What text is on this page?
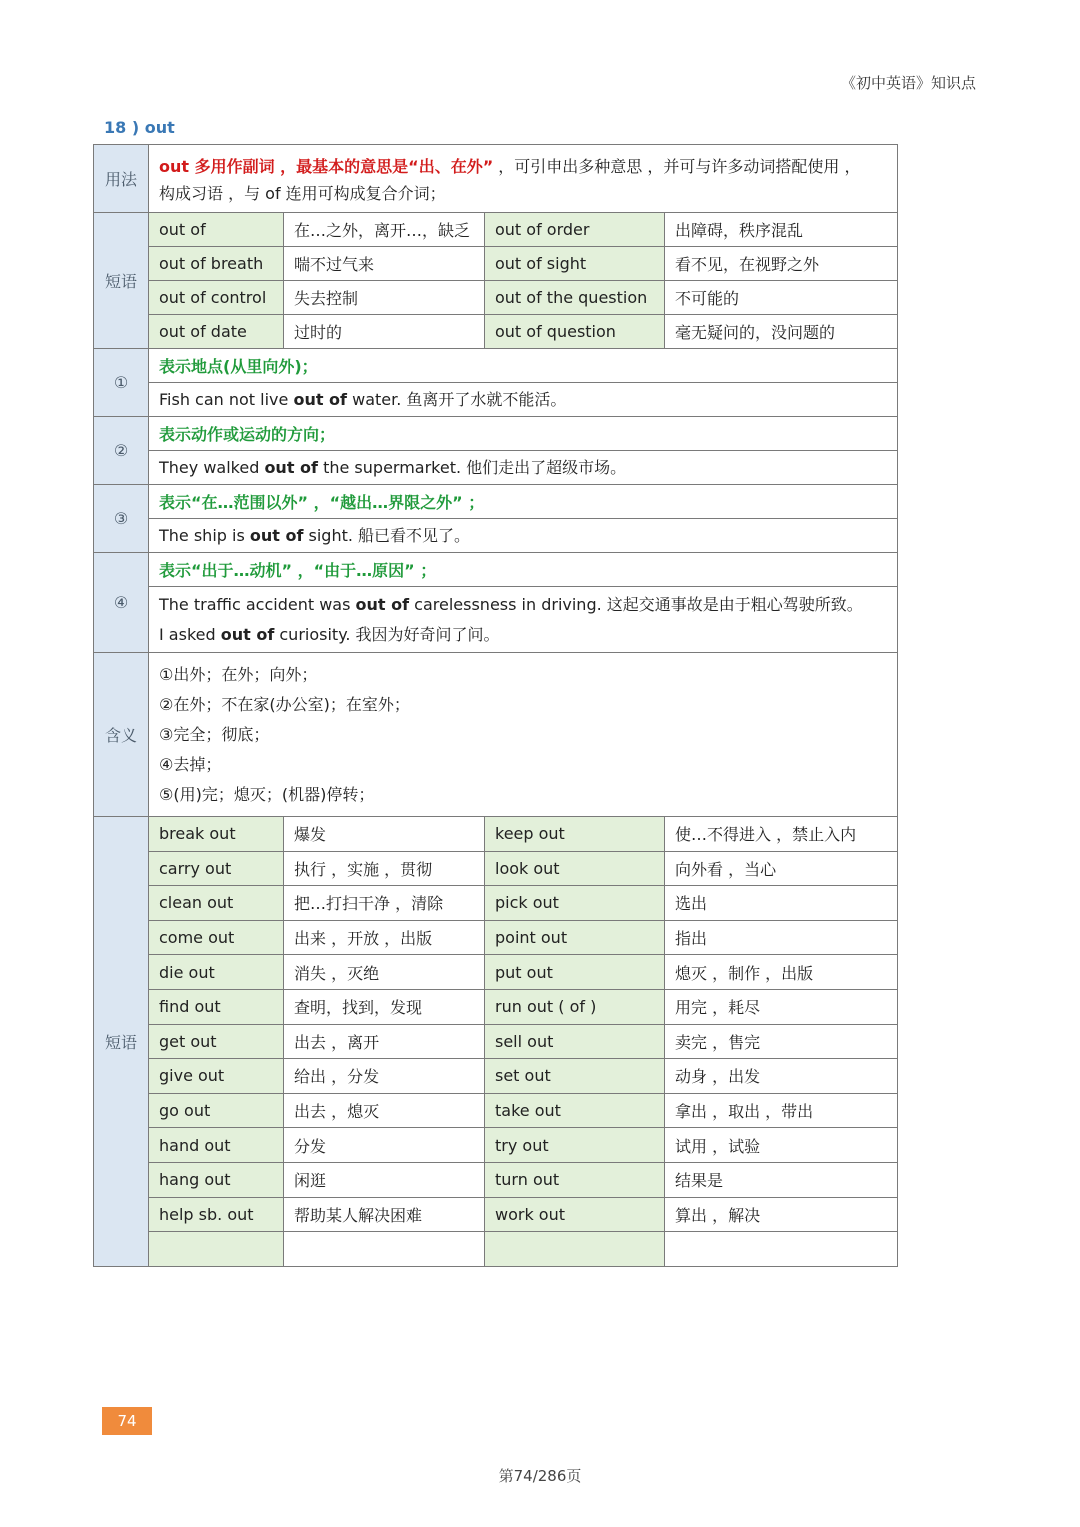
《初中英语》知识点
18 ) out
用法	out 多用作副词 ，最基本的意思是“出、在外” ，可引申出多种意思 ，并可与许多动词搭配使用 ，
构成习语 ，与 of 连用可构成复合介词；			
短语	out of	在…之外，离开…，缺乏	out of order	出障碍，秩序混乱
	out of breath	喘不过气来	out of sight	看不见，在视野之外
	out of control	失去控制	out of the question	不可能的
	out of date	过时的	out of question	毫无疑问的，没问题的
①	表示地点(从里向外)；			

	Fish can not live out of water. 鱼离开了水就不能活。			

②	表示动作或运动的方向；			

	They walked out of the supermarket. 他们走出了超级市场。			

③	表示“在…范围以外” ，“越出…界限之外” ；			

	The ship is out of sight. 船已看不见了。			

④	表示“出于…动机” ，“由于…原因” ；			

	The traffic accident was out of carelessness in driving. 这起交通事故是由于粗心驾驶所致。
I asked out of curiosity. 我因为好奇问了问。			

含义	①出外；在外；向外；
②在外；不在家(办公室)；在室外；
③完全；彻底；
④去掉；
⑤(用)完；熄灭；(机器)停转；			

短语	break out	爆发	keep out	使…不得进入 ，禁止入内
	carry out	执行 ，实施 ，贯彻	look out	向外看 ，当心
	clean out	把…打扫干净 ，清除	pick out	选出
	come out	出来 ，开放 ，出版	point out	指出
	die out	消失 ，灭绝	put out	熄灭 ，制作 ，出版
	find out	查明，找到，发现	run out ( of )	用完 ，耗尽
	get out	出去 ，离开	sell out	卖完 ，售完
	give out	给出 ，分发	set out	动身 ，出发
	go out	出去 ，熄灭	take out	拿出 ，取出 ，带出
	hand out	分发	try out	试用 ，试验
	hang out	闲逛	turn out	结果是
	help sb. out	帮助某人解决困难	work out	算出 ，解决

74
第74/286页
